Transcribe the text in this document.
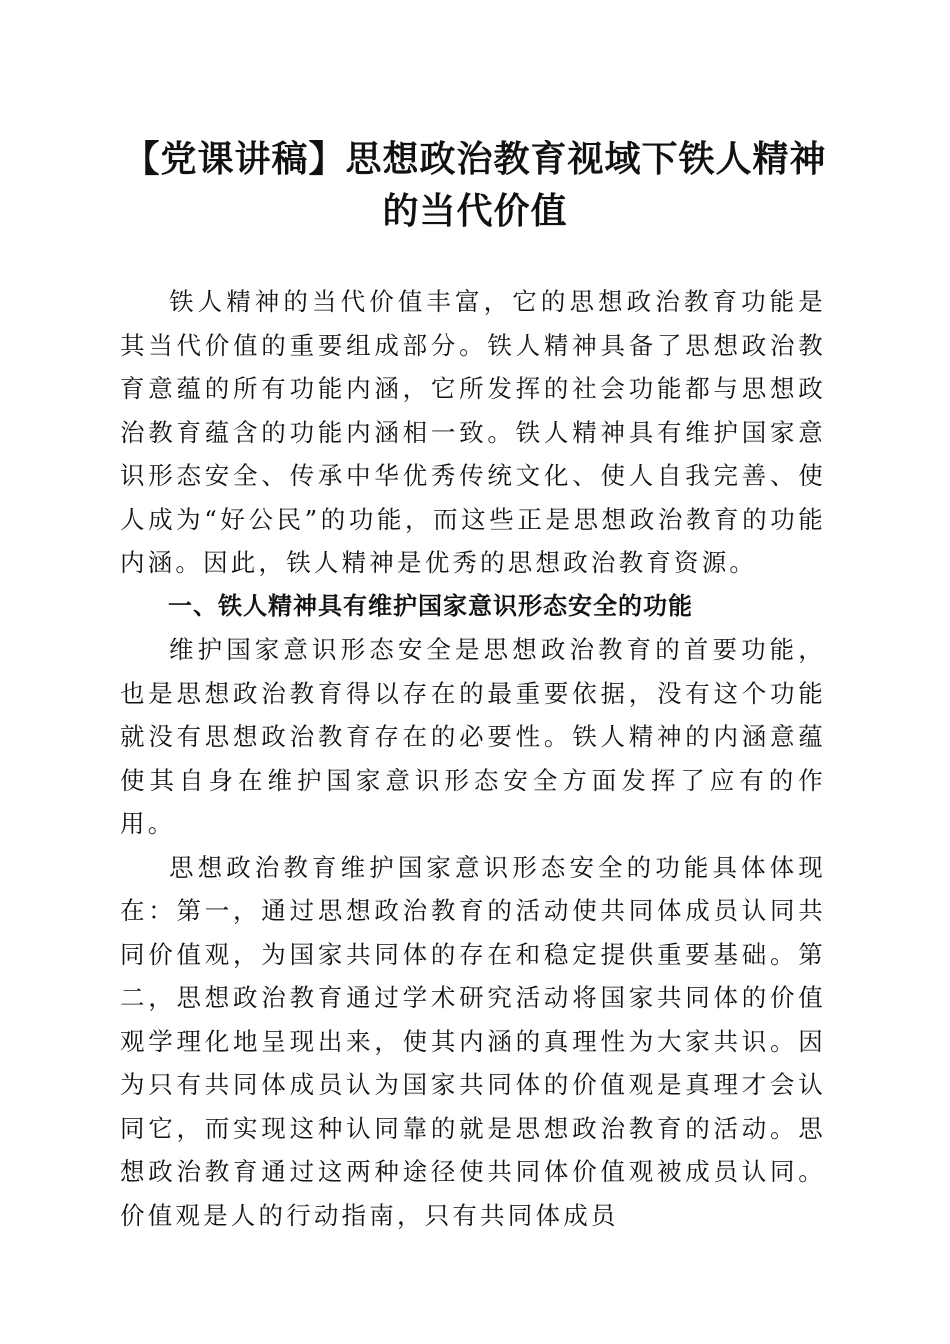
【党课讲稿】思想政治教育视域下铁人精神的当代价值

铁人精神的当代价值丰富，它的思想政治教育功能是其当代价值的重要组成部分。铁人精神具备了思想政治教育意蕴的所有功能内涵，它所发挥的社会功能都与思想政治教育蕴含的功能内涵相一致。铁人精神具有维护国家意识形态安全、传承中华优秀传统文化、使人自我完善、使人成为“好公民”的功能，而这些正是思想政治教育的功能内涵。因此，铁人精神是优秀的思想政治教育资源。

一、铁人精神具有维护国家意识形态安全的功能

维护国家意识形态安全是思想政治教育的首要功能，也是思想政治教育得以存在的最重要依据，没有这个功能就没有思想政治教育存在的必要性。铁人精神的内涵意蕴使其自身在维护国家意识形态安全方面发挥了应有的作用。

思想政治教育维护国家意识形态安全的功能具体体现在：第一，通过思想政治教育的活动使共同体成员认同共同价值观，为国家共同体的存在和稳定提供重要基础。第二，思想政治教育通过学术研究活动将国家共同体的价值观学理化地呈现出来，使其内涵的真理性为大家共识。因为只有共同体成员认为国家共同体的价值观是真理才会认同它，而实现这种认同靠的就是思想政治教育的活动。思想政治教育通过这两种途径使共同体价值观被成员认同。价值观是人的行动指南，只有共同体成员
